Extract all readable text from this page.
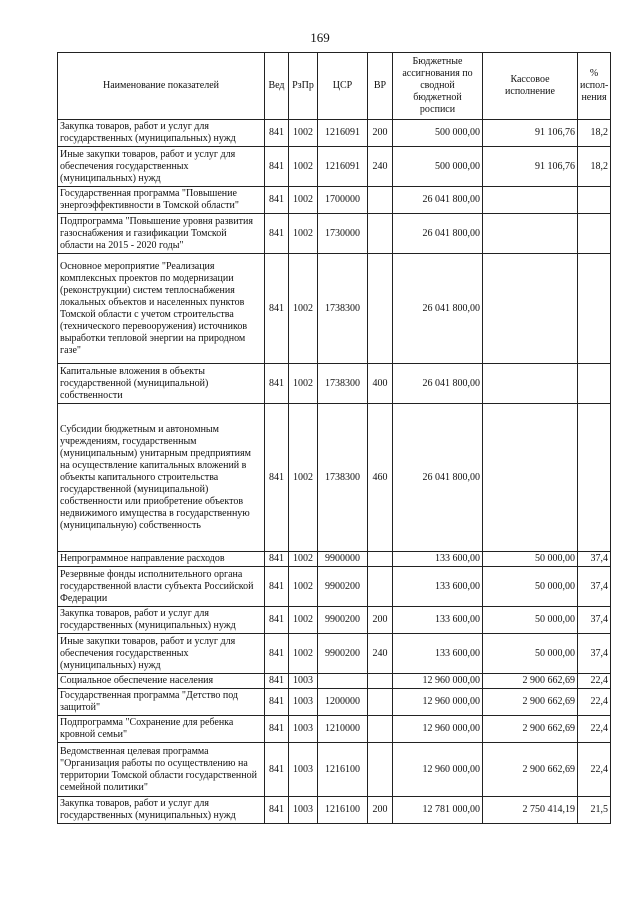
169
Наименование показателей	Вед	РзПр	ЦСР	ВР	Бюджетные ассигнования по сводной бюджетной росписи	Кассовое исполнение	% испол- нения
Закупка товаров, работ и услуг для государственных (муниципальных) нужд	841	1002	1216091	200	500 000,00	91 106,76	18,2
Иные закупки товаров, работ и услуг для обеспечения государственных (муниципальных) нужд	841	1002	1216091	240	500 000,00	91 106,76	18,2
Государственная программа "Повышение энергоэффективности в Томской области"	841	1002	1700000		26 041 800,00		
Подпрограмма "Повышение уровня развития газоснабжения и газификации Томской области на 2015 - 2020 годы"	841	1002	1730000		26 041 800,00		
Основное мероприятие "Реализация комплексных проектов по модернизации (реконструкции) систем теплоснабжения локальных объектов и населенных пунктов Томской области с учетом строительства (технического перевооружения) источников выработки тепловой энергии на природном газе"	841	1002	1738300		26 041 800,00		
Капитальные вложения в объекты государственной (муниципальной) собственности	841	1002	1738300	400	26 041 800,00		
Субсидии бюджетным и автономным учреждениям, государственным (муниципальным) унитарным предприятиям на осуществление капитальных вложений в объекты капитального строительства государственной (муниципальной) собственности или приобретение объектов недвижимого имущества в государственную (муниципальную) собственность	841	1002	1738300	460	26 041 800,00		
Непрограммное направление расходов	841	1002	9900000		133 600,00	50 000,00	37,4
Резервные фонды исполнительного органа государственной власти субъекта Российской Федерации	841	1002	9900200		133 600,00	50 000,00	37,4
Закупка товаров, работ и услуг для государственных (муниципальных) нужд	841	1002	9900200	200	133 600,00	50 000,00	37,4
Иные закупки товаров, работ и услуг для обеспечения государственных (муниципальных) нужд	841	1002	9900200	240	133 600,00	50 000,00	37,4
Социальное обеспечение населения	841	1003			12 960 000,00	2 900 662,69	22,4
Государственная программа "Детство под защитой"	841	1003	1200000		12 960 000,00	2 900 662,69	22,4
Подпрограмма "Сохранение для ребенка кровной семьи"	841	1003	1210000		12 960 000,00	2 900 662,69	22,4
Ведомственная целевая программа "Организация работы по осуществлению на территории Томской области государственной семейной политики"	841	1003	1216100		12 960 000,00	2 900 662,69	22,4
Закупка товаров, работ и услуг для государственных (муниципальных) нужд	841	1003	1216100	200	12 781 000,00	2 750 414,19	21,5
